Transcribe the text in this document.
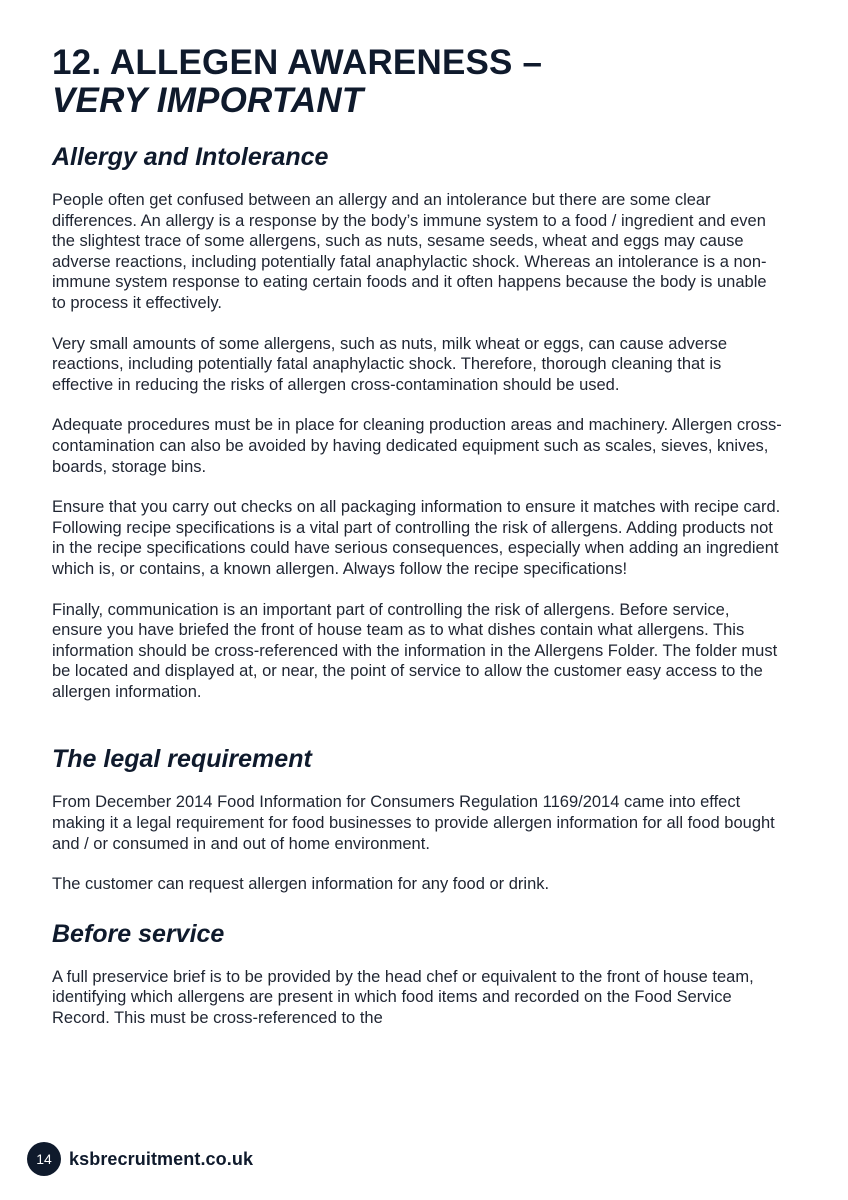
12. ALLEGEN AWARENESS –
VERY IMPORTANT
Allergy and Intolerance

People often get confused between an allergy and an intolerance but there are some clear differences. An allergy is a response by the body’s immune system to a food / ingredient and even the slightest trace of some allergens, such as nuts, sesame seeds, wheat and eggs may cause adverse reactions, including potentially fatal anaphylactic shock. Whereas an intolerance is a non-immune system response to eating certain foods and it often happens because the body is unable to process it effectively.

Very small amounts of some allergens, such as nuts, milk wheat or eggs, can cause adverse reactions, including potentially fatal anaphylactic shock. Therefore, thorough cleaning that is effective in reducing the risks of allergen cross-contamination should be used.

Adequate procedures must be in place for cleaning production areas and machinery. Allergen cross-contamination can also be avoided by having dedicated equipment such as scales, sieves, knives, boards, storage bins.

Ensure that you carry out checks on all packaging information to ensure it matches with recipe card. Following recipe specifications is a vital part of controlling the risk of allergens. Adding products not in the recipe specifications could have serious consequences, especially when adding an ingredient which is, or contains, a known allergen. Always follow the recipe specifications!

Finally, communication is an important part of controlling the risk of allergens. Before service, ensure you have briefed the front of house team as to what dishes contain what allergens. This information should be cross-referenced with the information in the Allergens Folder. The folder must be located and displayed at, or near, the point of service to allow the customer easy access to the allergen information.

The legal requirement

From December 2014 Food Information for Consumers Regulation 1169/2014 came into effect making it a legal requirement for food businesses to provide allergen information for all food bought and / or consumed in and out of home environment.

The customer can request allergen information for any food or drink.

Before service

A full preservice brief is to be provided by the head chef or equivalent to the front of house team, identifying which allergens are present in which food items and recorded on the Food Service Record. This must be cross-referenced to the

14 ksbrecruitment.co.uk
